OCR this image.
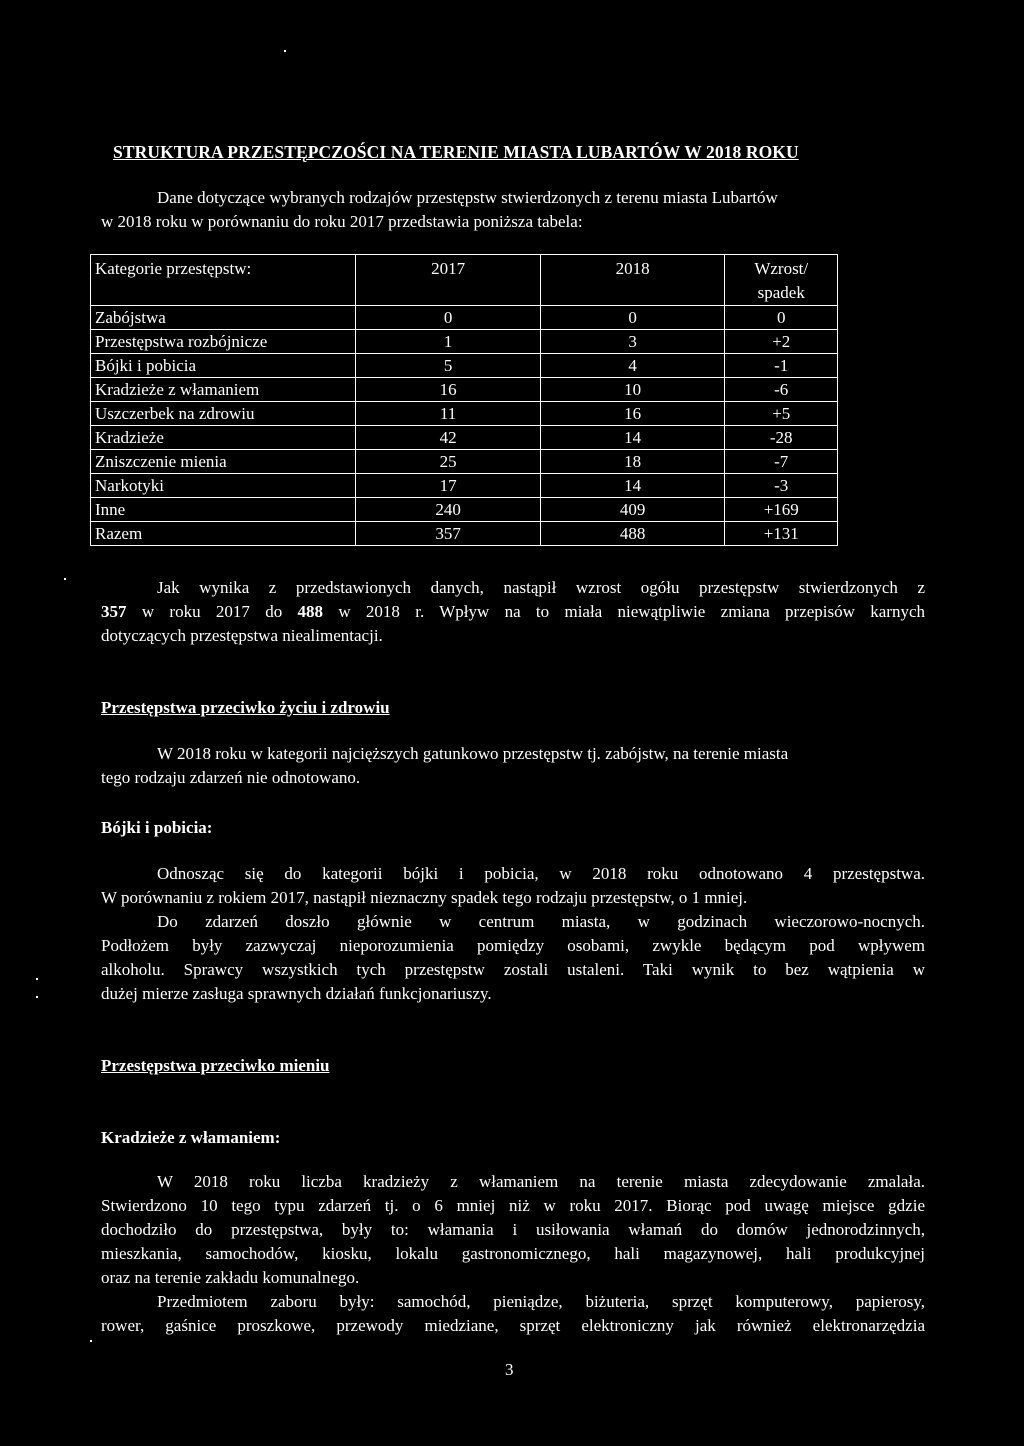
STRUKTURA PRZESTĘPCZOŚCI NA TERENIE MIASTA LUBARTÓW W 2018 ROKU
Dane dotyczące wybranych rodzajów przestępstw stwierdzonych z terenu miasta Lubartów
w 2018 roku w porównaniu do roku 2017 przedstawia poniższa tabela:
Kategorie przestępstw:	2017	2018	Wzrost/ spadek
Zabójstwa	0	0	0
Przestępstwa rozbójnicze	1	3	+2
Bójki i pobicia	5	4	-1
Kradzieże z włamaniem	16	10	-6
Uszczerbek na zdrowiu	11	16	+5
Kradzieże	42	14	-28
Zniszczenie mienia	25	18	-7
Narkotyki	17	14	-3
Inne	240	409	+169
Razem	357	488	+131
Jak wynika z przedstawionych danych, nastąpił wzrost ogółu przestępstw stwierdzonych z
357 w roku 2017 do 488 w 2018 r. Wpływ na to miała niewątpliwie zmiana przepisów karnych
dotyczących przestępstwa niealimentacji.
Przestępstwa przeciwko życiu i zdrowiu
W 2018 roku w kategorii najcięższych gatunkowo przestępstw tj. zabójstw, na terenie miasta
tego rodzaju zdarzeń nie odnotowano.
Bójki i pobicia:
Odnosząc się do kategorii bójki i pobicia, w 2018 roku odnotowano 4 przestępstwa.
W porównaniu z rokiem 2017, nastąpił nieznaczny spadek tego rodzaju przestępstw, o 1 mniej.
Do zdarzeń doszło głównie w centrum miasta, w godzinach wieczorowo-nocnych.
Podłożem były zazwyczaj nieporozumienia pomiędzy osobami, zwykle będącym pod wpływem
alkoholu. Sprawcy wszystkich tych przestępstw zostali ustaleni. Taki wynik to bez wątpienia w
dużej mierze zasługa sprawnych działań funkcjonariuszy.
Przestępstwa przeciwko mieniu
Kradzieże z włamaniem:
W 2018 roku liczba kradzieży z włamaniem na terenie miasta zdecydowanie zmalała.
Stwierdzono 10 tego typu zdarzeń tj. o 6 mniej niż w roku 2017. Biorąc pod uwagę miejsce gdzie
dochodziło do przestępstwa, były to: włamania i usiłowania włamań do domów jednorodzinnych,
mieszkania, samochodów, kiosku, lokalu gastronomicznego, hali magazynowej, hali produkcyjnej
oraz na terenie zakładu komunalnego.
Przedmiotem zaboru były: samochód, pieniądze, biżuteria, sprzęt komputerowy, papierosy,
rower, gaśnice proszkowe, przewody miedziane, sprzęt elektroniczny jak również elektronarzędzia
3
